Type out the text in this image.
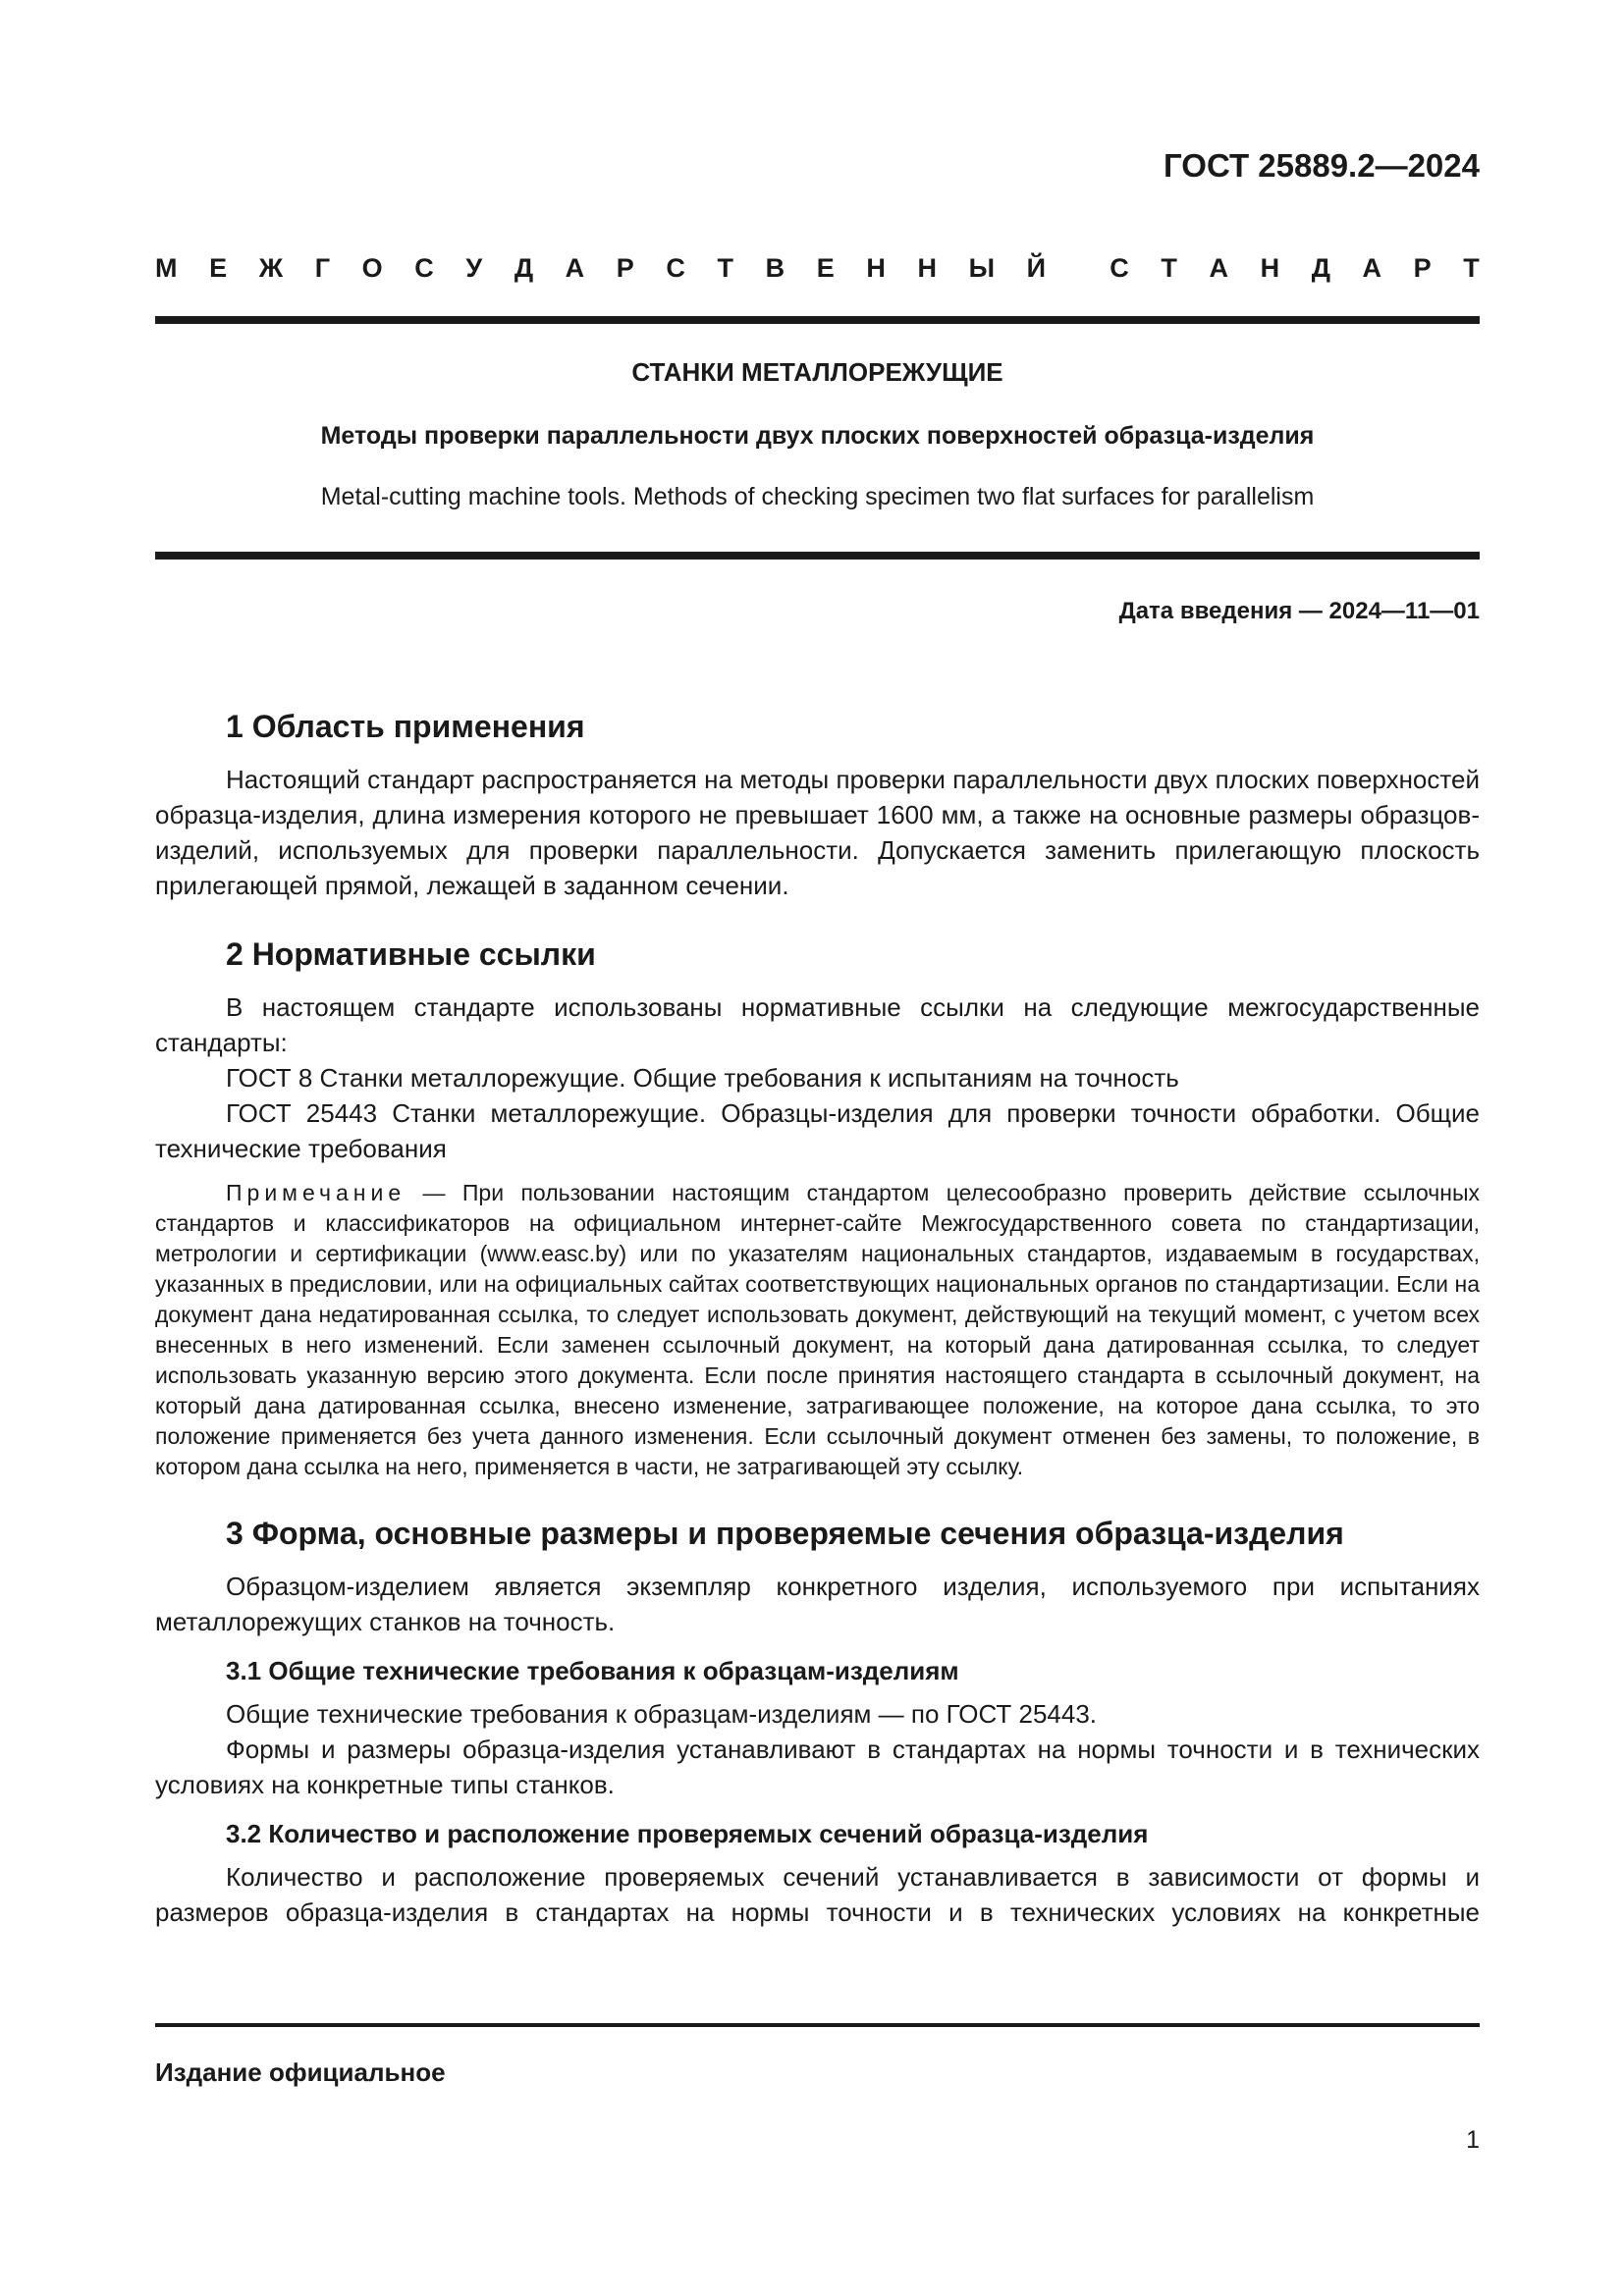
ГОСТ 25889.2—2024
М Е Ж Г О С У Д А Р С Т В Е Н Н Ы Й С Т А Н Д А Р Т
СТАНКИ МЕТАЛЛОРЕЖУЩИЕ
Методы проверки параллельности двух плоских поверхностей образца-изделия
Metal-cutting machine tools. Methods of checking specimen two flat surfaces for parallelism
Дата введения — 2024—11—01
1 Область применения

Настоящий стандарт распространяется на методы проверки параллельности двух плоских поверхностей образца-изделия, длина измерения которого не превышает 1600 мм, а также на основные размеры образцов-изделий, используемых для проверки параллельности. Допускается заменить прилегающую плоскость прилегающей прямой, лежащей в заданном сечении.

2 Нормативные ссылки

В настоящем стандарте использованы нормативные ссылки на следующие межгосударственные стандарты:

ГОСТ 8 Станки металлорежущие. Общие требования к испытаниям на точность

ГОСТ 25443 Станки металлорежущие. Образцы-изделия для проверки точности обработки. Общие технические требования

Примечание — При пользовании настоящим стандартом целесообразно проверить действие ссылочных стандартов и классификаторов на официальном интернет-сайте Межгосударственного совета по стандартизации, метрологии и сертификации (www.easc.by) или по указателям национальных стандартов, издаваемым в государствах, указанных в предисловии, или на официальных сайтах соответствующих национальных органов по стандартизации. Если на документ дана недатированная ссылка, то следует использовать документ, действующий на текущий момент, с учетом всех внесенных в него изменений. Если заменен ссылочный документ, на который дана датированная ссылка, то следует использовать указанную версию этого документа. Если после принятия настоящего стандарта в ссылочный документ, на который дана датированная ссылка, внесено изменение, затрагивающее положение, на которое дана ссылка, то это положение применяется без учета данного изменения. Если ссылочный документ отменен без замены, то положение, в котором дана ссылка на него, применяется в части, не затрагивающей эту ссылку.

3 Форма, основные размеры и проверяемые сечения образца-изделия

Образцом-изделием является экземпляр конкретного изделия, используемого при испытаниях металлорежущих станков на точность.

3.1 Общие технические требования к образцам-изделиям

Общие технические требования к образцам-изделиям — по ГОСТ 25443.

Формы и размеры образца-изделия устанавливают в стандартах на нормы точности и в технических условиях на конкретные типы станков.

3.2 Количество и расположение проверяемых сечений образца-изделия

Количество и расположение проверяемых сечений устанавливается в зависимости от формы и размеров образца-изделия в стандартах на нормы точности и в технических условиях на конкретные

Издание официальное
1
